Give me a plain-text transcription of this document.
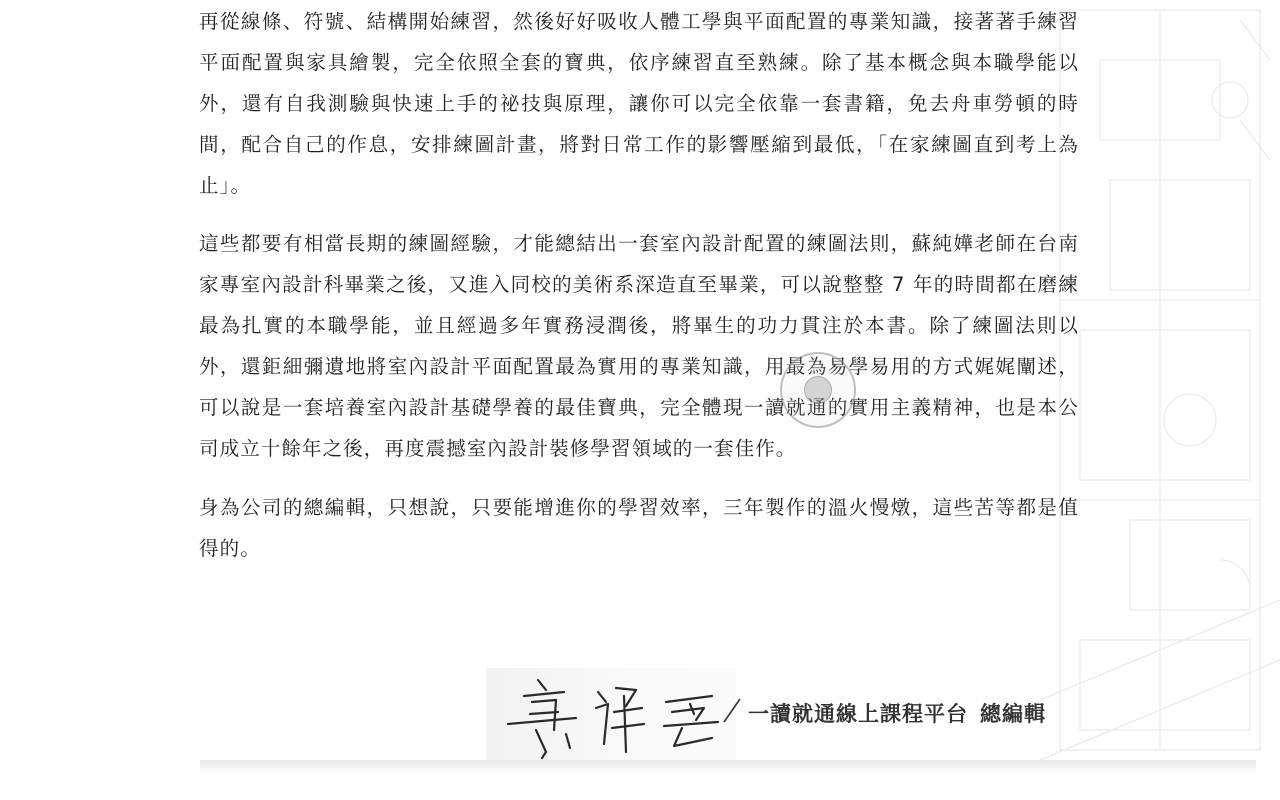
再從線條、符號、結構開始練習，然後好好吸收人體工學與平面配置的專業知識，接著著手練習平面配置與家具繪製，完全依照全套的寶典，依序練習直至熟練。除了基本概念與本職學能以外，還有自我測驗與快速上手的祕技與原理，讓你可以完全依靠一套書籍，免去舟車勞頓的時間，配合自己的作息，安排練圖計畫，將對日常工作的影響壓縮到最低，「在家練圖直到考上為止」。

這些都要有相當長期的練圖經驗，才能總結出一套室內設計配置的練圖法則，蘇純嬅老師在台南家專室內設計科畢業之後，又進入同校的美術系深造直至畢業，可以說整整 7 年的時間都在磨練最為扎實的本職學能，並且經過多年實務浸潤後，將畢生的功力貫注於本書。除了練圖法則以外，還鉅細彌遺地將室內設計平面配置最為實用的專業知識，用最為易學易用的方式娓娓闡述，可以說是一套培養室內設計基礎學養的最佳寶典，完全體現一讀就通的實用主義精神，也是本公司成立十餘年之後，再度震撼室內設計裝修學習領域的一套佳作。

身為公司的總編輯，只想說，只要能增進你的學習效率，三年製作的溫火慢燉，這些苦等都是值得的。

一讀就通線上課程平台 總編輯
